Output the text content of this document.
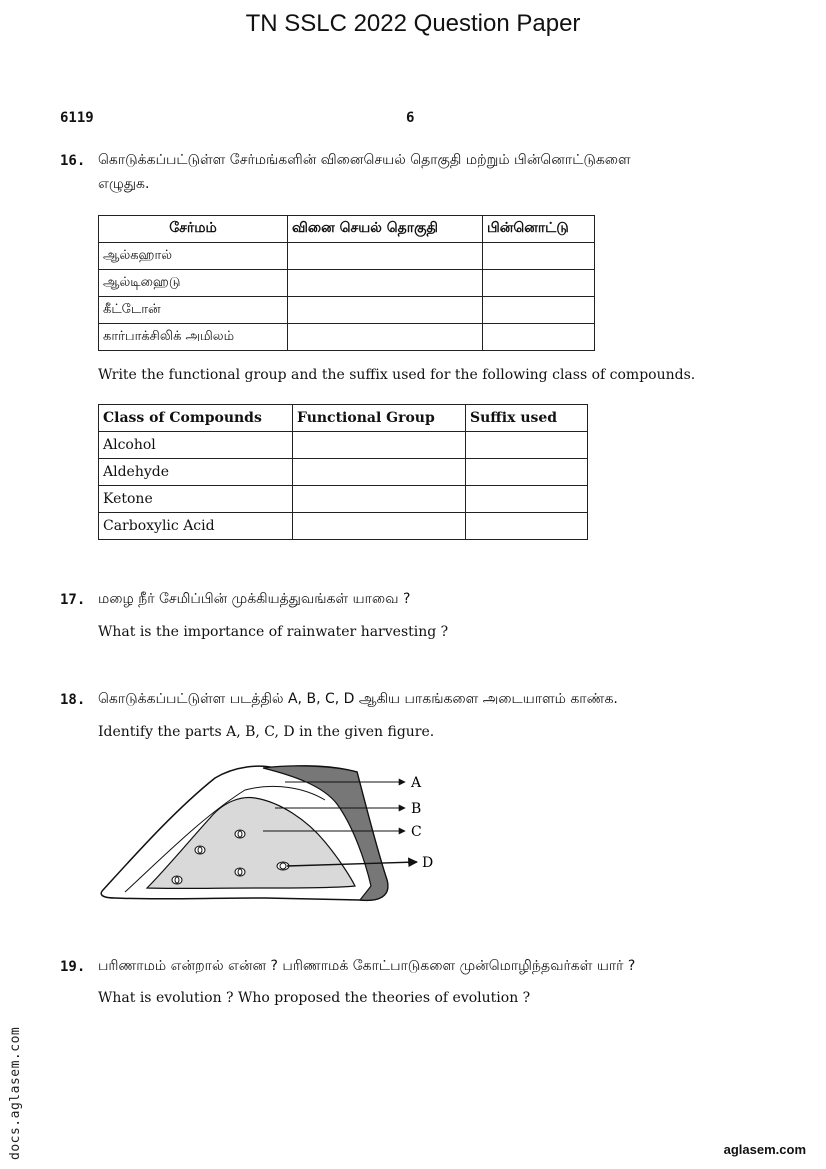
TN SSLC 2022 Question Paper
6119	6
16. கொடுக்கப்பட்டுள்ள சேர்மங்களின் வினைசெயல் தொகுதி மற்றும் பின்னொட்டுகளை
எழுதுக.
சேர்மம்	வினை செயல் தொகுதி	பின்னொட்டு
ஆல்கஹால்		
ஆல்டிஹைடு		
கீட்டோன்		
கார்பாக்சிலிக் அமிலம்		
Write the functional group and the suffix used for the following class of compounds.
Class of Compounds	Functional Group	Suffix used
Alcohol		
Aldehyde		
Ketone		
Carboxylic Acid		
17. மழை நீர் சேமிப்பின் முக்கியத்துவங்கள் யாவை ?
What is the importance of rainwater harvesting ?
18. கொடுக்கப்பட்டுள்ள படத்தில் A, B, C, D ஆகிய பாகங்களை அடையாளம் காண்க.
Identify the parts A, B, C, D in the given figure.
A
B
C
D
19. பரிணாமம் என்றால் என்ன ? பரிணாமக் கோட்பாடுகளை முன்மொழிந்தவர்கள் யார் ?
What is evolution ? Who proposed the theories of evolution ?
docs.aglasem.com	aglasem.com
